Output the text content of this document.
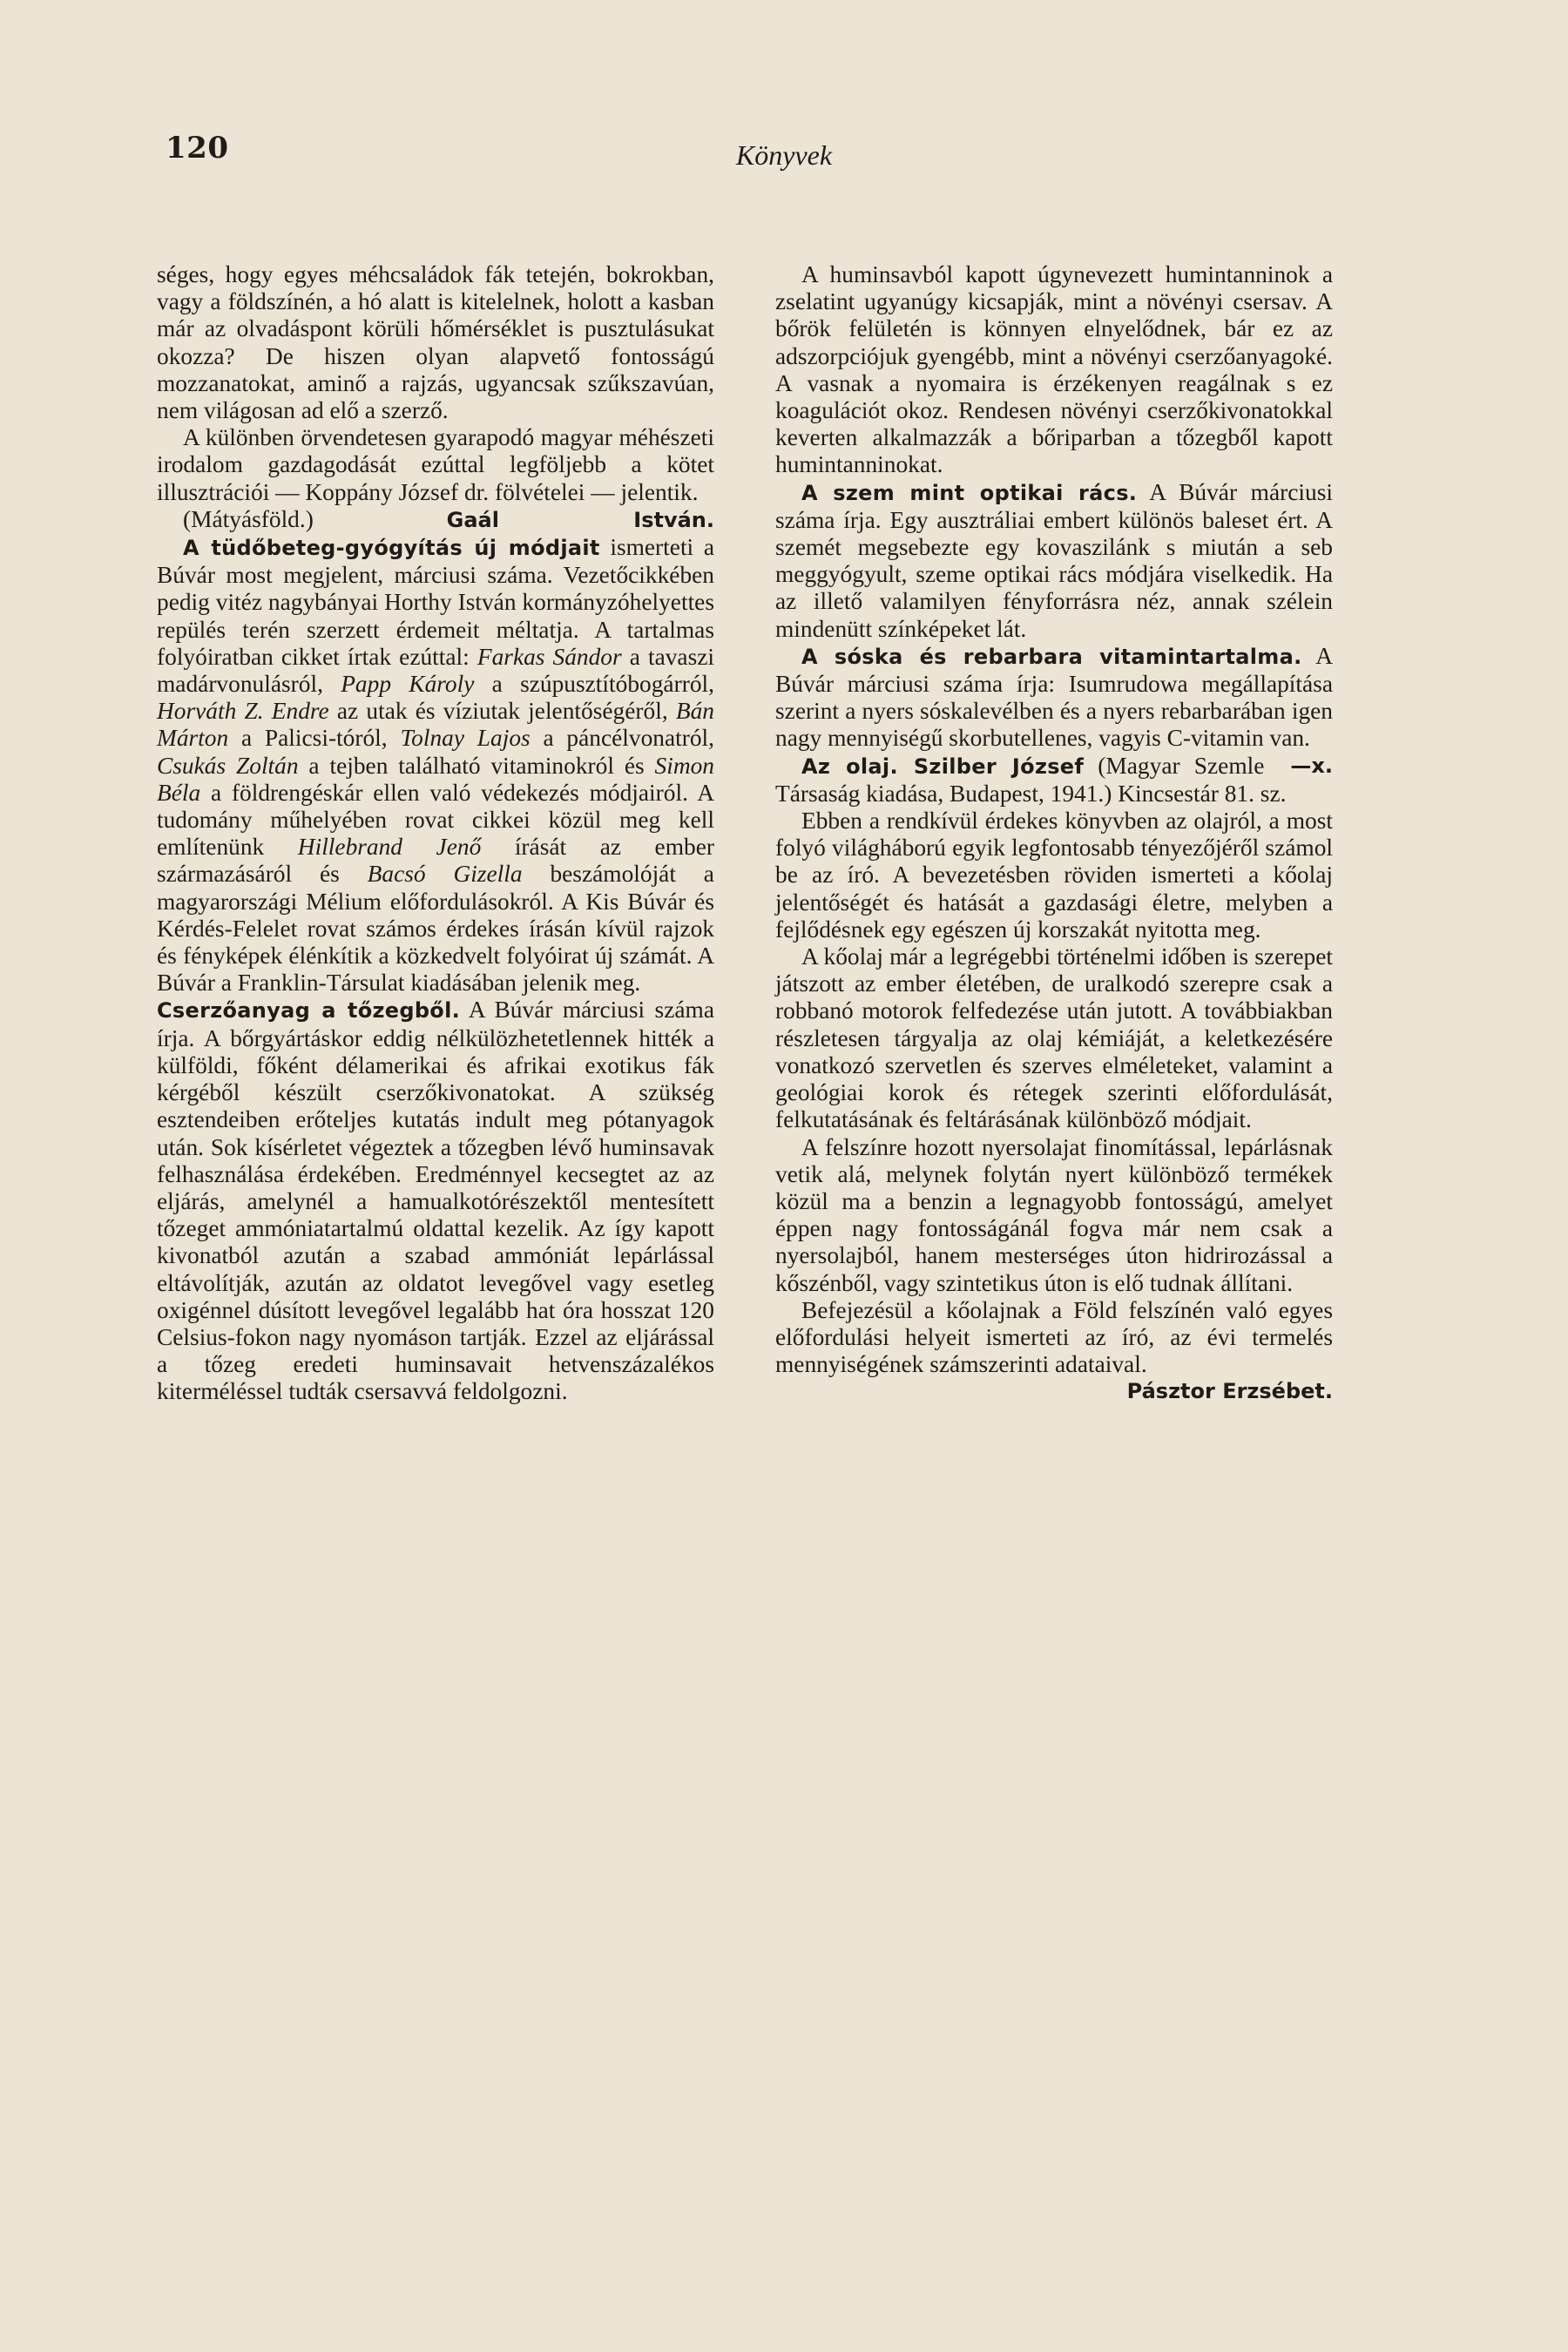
120	Könyvek

séges, hogy egyes méhcsaládok fák tetején, bokrokban, vagy a földszínén, a hó alatt is kitelelnek, holott a kasban már az olvadáspont körüli hőmérséklet is pusztulásukat okozza? De hiszen olyan alapvető fontosságú mozzanatokat, aminő a rajzás, ugyancsak szűkszavúan, nem világosan ad elő a szerző.

A különben örvendetesen gyarapodó magyar méhészeti irodalom gazdagodását ezúttal legföljebb a kötet illusztrációi — Koppány József dr. fölvételei — jelentik.

(Mátyásföld.)	Gaál István.

A tüdőbeteg-gyógyítás új módjait ismerteti a Búvár most megjelent, márciusi száma. Vezetőcikkében pedig vitéz nagybányai Horthy István kormányzóhelyettes repülés terén szerzett érdemeit méltatja. A tartalmas folyóiratban cikket írtak ezúttal: Farkas Sándor a tavaszi madárvonulásról, Papp Károly a szúpusztítóbogárról, Horváth Z. Endre az utak és víziutak jelentőségéről, Bán Márton a Palicsi-tóról, Tolnay Lajos a páncélvonatról, Csukás Zoltán a tejben található vitaminokról és Simon Béla a földrengéskár ellen való védekezés módjairól. A tudomány műhelyében rovat cikkei közül meg kell említenünk Hillebrand Jenő írását az ember származásáról és Bacsó Gizella beszámolóját a magyarországi Mélium előfordulásokról. A Kis Búvár és Kérdés-Felelet rovat számos érdekes írásán kívül rajzok és fényképek élénkítik a közkedvelt folyóirat új számát. A Búvár a Franklin-Társulat kiadásában jelenik meg.

Cserzőanyag a tőzegből. A Búvár márciusi száma írja. A bőrgyártáskor eddig nélkülözhetetlennek hitték a külföldi, főként délamerikai és afrikai exotikus fák kérgéből készült cserzőkivonatokat. A szükség esztendeiben erőteljes kutatás indult meg pótanyagok után. Sok kísérletet végeztek a tőzegben lévő huminsavak felhasználása érdekében. Eredménnyel kecsegtet az az eljárás, amelynél a hamualkotórészektől mentesített tőzeget ammóniatartalmú oldattal kezelik. Az így kapott kivonatból azután a szabad ammóniát lepárlással eltávolítják, azután az oldatot levegővel vagy esetleg oxigénnel dúsított levegővel legalább hat óra hosszat 120 Celsius-fokon nagy nyomáson tartják. Ezzel az eljárással a tőzeg eredeti huminsavait hetvenszázalékos kiterméléssel tudták csersavvá feldolgozni.

A huminsavból kapott úgynevezett humintanninok a zselatint ugyanúgy kicsapják, mint a növényi csersav. A bőrök felületén is könnyen elnyelődnek, bár ez az adszorpciójuk gyengébb, mint a növényi cserzőanyagoké. A vasnak a nyomaira is érzékenyen reagálnak s ez koagulációt okoz. Rendesen növényi cserzőkivonatokkal keverten alkalmazzák a bőriparban a tőzegből kapott humintanninokat.

A szem mint optikai rács. A Búvár márciusi száma írja. Egy ausztráliai embert különös baleset ért. A szemét megsebezte egy kovaszilánk s miután a seb meggyógyult, szeme optikai rács módjára viselkedik. Ha az illető valamilyen fényforrásra néz, annak szélein mindenütt színképeket lát.

A sóska és rebarbara vitamintartalma. A Búvár márciusi száma írja: Isumrudowa megállapítása szerint a nyers sóskalevélben és a nyers rebarbarában igen nagy mennyiségű skorbutellenes, vagyis C-vitamin van.
—x.

Az olaj. Szilber József (Magyar Szemle Társaság kiadása, Budapest, 1941.) Kincsestár 81. sz.

Ebben a rendkívül érdekes könyvben az olajról, a most folyó világháború egyik legfontosabb tényezőjéről számol be az író. A bevezetésben röviden ismerteti a kőolaj jelentőségét és hatását a gazdasági életre, melyben a fejlődésnek egy egészen új korszakát nyitotta meg.

A kőolaj már a legrégebbi történelmi időben is szerepet játszott az ember életében, de uralkodó szerepre csak a robbanó motorok felfedezése után jutott. A továbbiakban részletesen tárgyalja az olaj kémiáját, a keletkezésére vonatkozó szervetlen és szerves elméleteket, valamint a geológiai korok és rétegek szerinti előfordulását, felkutatásának és feltárásának különböző módjait.

A felszínre hozott nyersolajat finomítással, lepárlásnak vetik alá, melynek folytán nyert különböző termékek közül ma a benzin a legnagyobb fontosságú, amelyet éppen nagy fontosságánál fogva már nem csak a nyersolajból, hanem mesterséges úton hidrirozással a kőszénből, vagy szintetikus úton is elő tudnak állítani.

Befejezésül a kőolajnak a Föld felszínén való egyes előfordulási helyeit ismerteti az író, az évi termelés mennyiségének számszerinti adataival.

Pásztor Erzsébet.
